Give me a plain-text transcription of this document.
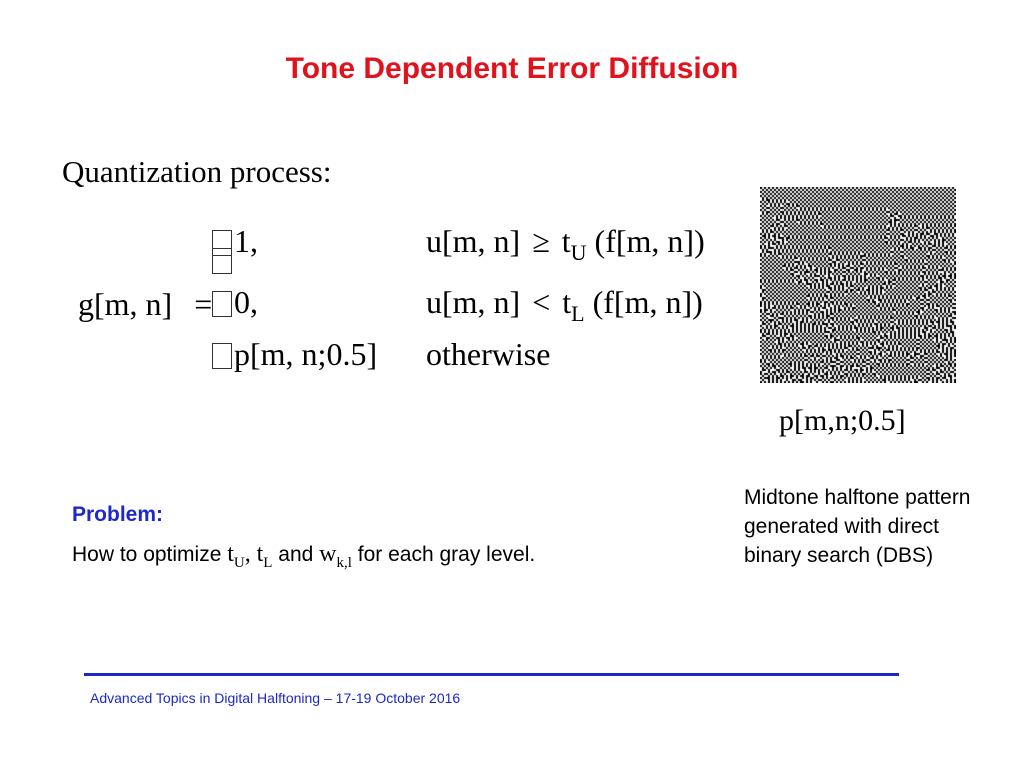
Tone Dependent Error Diffusion
Quantization process:
g[m, n] =
1,	u[m, $n] \ge t_U$ (f[m, n])
0,	u[m, $n] < t_L$ (f[m, n])
p[m, n;0.5] otherwise
p[m,n;0.5]
Midtone halftone pattern generated with direct binary search (DBS)
Problem:
How to optimize $t_U$, $t_L$ and $w_{k,l}$ for each gray level.
Advanced Topics in Digital Halftoning – 17-19 October 2016
